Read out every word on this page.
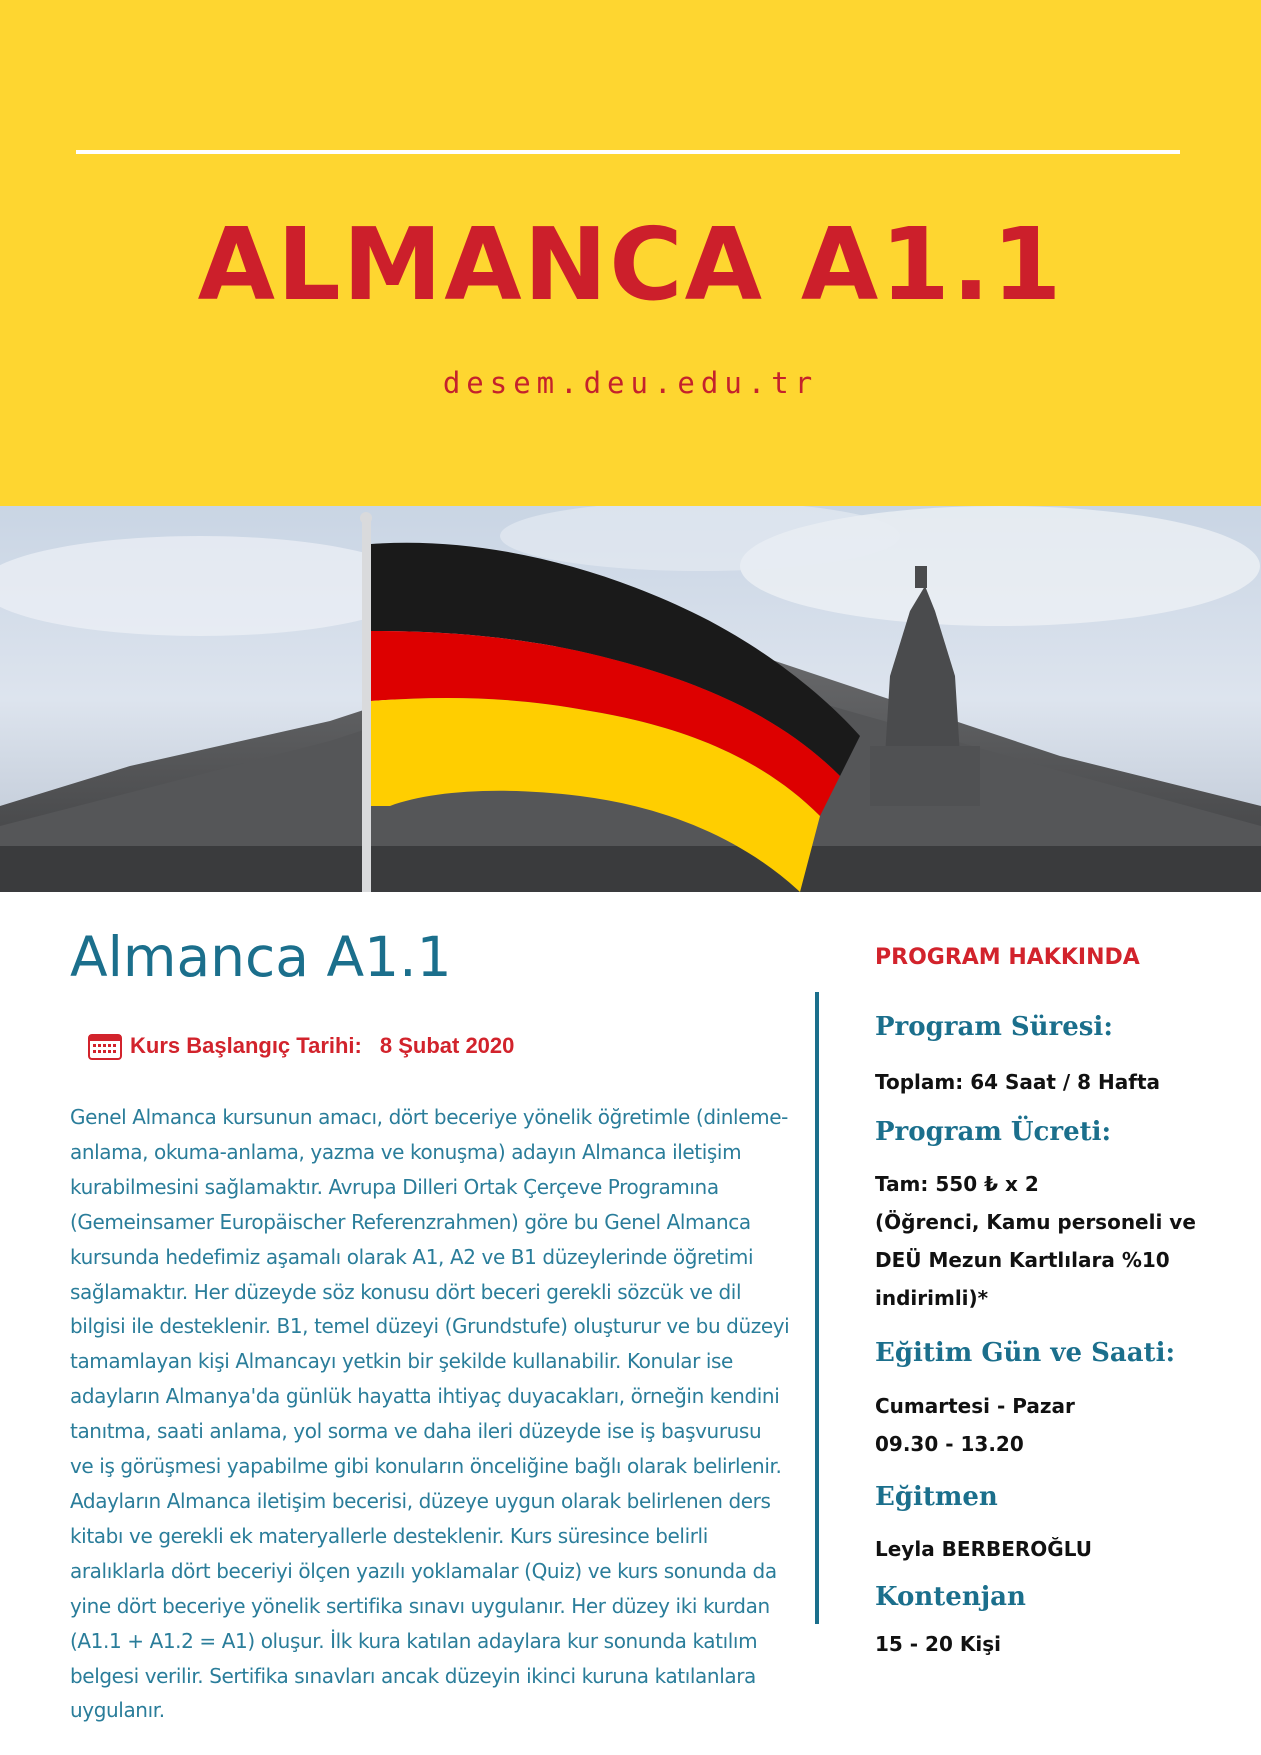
ALMANCA A1.1
desem.deu.edu.tr
Almanca A1.1
Kurs Başlangıç Tarihi: 8 Şubat 2020

Genel Almanca kursunun amacı, dört beceriye yönelik öğretimle (dinleme-anlama, okuma-anlama, yazma ve konuşma) adayın Almanca iletişim kurabilmesini sağlamaktır. Avrupa Dilleri Ortak Çerçeve Programına (Gemeinsamer Europäischer Referenzrahmen) göre bu Genel Almanca kursunda hedefimiz aşamalı olarak A1, A2 ve B1 düzeylerinde öğretimi sağlamaktır. Her düzeyde söz konusu dört beceri gerekli sözcük ve dil bilgisi ile desteklenir. B1, temel düzeyi (Grundstufe) oluşturur ve bu düzeyi tamamlayan kişi Almancayı yetkin bir şekilde kullanabilir. Konular ise adayların Almanya'da günlük hayatta ihtiyaç duyacakları, örneğin kendini tanıtma, saati anlama, yol sorma ve daha ileri düzeyde ise iş başvurusu ve iş görüşmesi yapabilme gibi konuların önceliğine bağlı olarak belirlenir. Adayların Almanca iletişim becerisi, düzeye uygun olarak belirlenen ders kitabı ve gerekli ek materyallerle desteklenir. Kurs süresince belirli aralıklarla dört beceriyi ölçen yazılı yoklamalar (Quiz) ve kurs sonunda da yine dört beceriye yönelik sertifika sınavı uygulanır. Her düzey iki kurdan (A1.1 + A1.2 = A1) oluşur. İlk kura katılan adaylara kur sonunda katılım belgesi verilir. Sertifika sınavları ancak düzeyin ikinci kuruna katılanlara uygulanır.

PROGRAM HAKKINDA
Program Süresi:

Toplam: 64 Saat / 8 Hafta

Program Ücreti:

Tam: 550 ₺ x 2

(Öğrenci, Kamu personeli ve

DEÜ Mezun Kartlılara %10

indirimli)*

Eğitim Gün ve Saati:

Cumartesi - Pazar

09.30 - 13.20

Eğitmen

Leyla BERBEROĞLU

Kontenjan

15 - 20 Kişi
